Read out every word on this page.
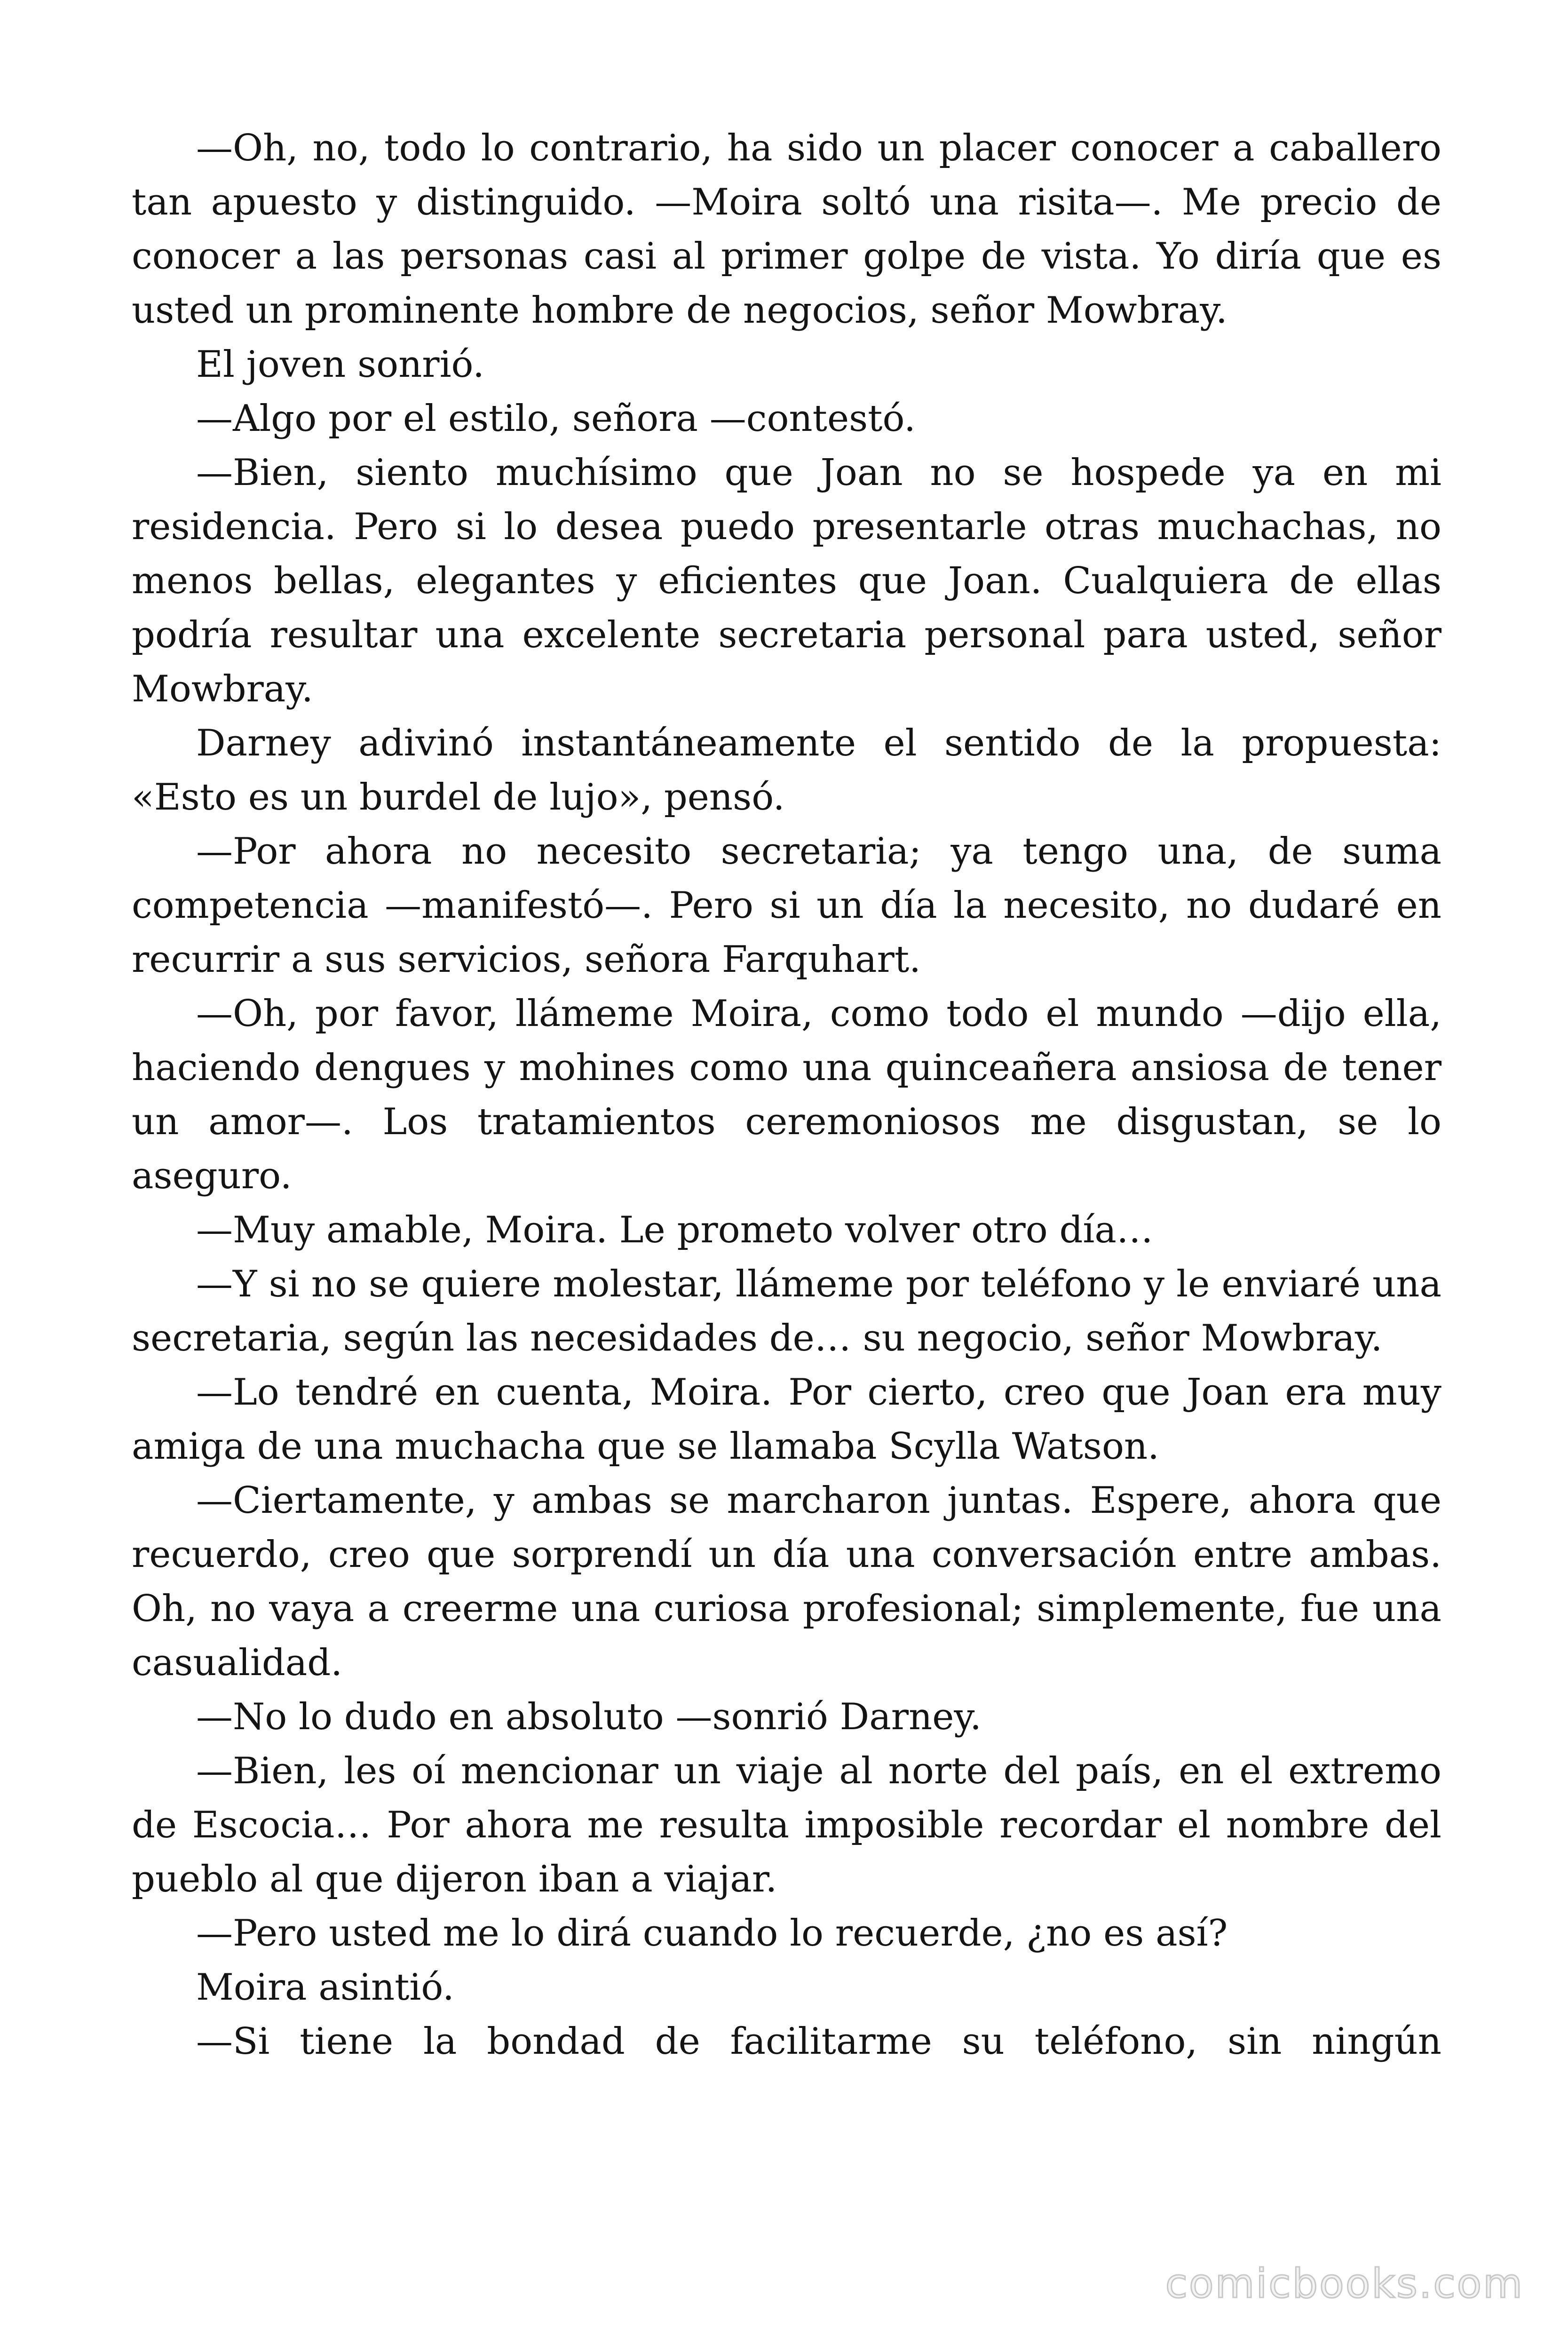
—Oh, no, todo lo contrario, ha sido un placer conocer a caballero tan apuesto y distinguido. —Moira soltó una risita—. Me precio de conocer a las personas casi al primer golpe de vista. Yo diría que es usted un prominente hombre de negocios, señor Mowbray.

El joven sonrió.

—Algo por el estilo, señora —contestó.

—Bien, siento muchísimo que Joan no se hospede ya en mi residencia. Pero si lo desea puedo presentarle otras muchachas, no menos bellas, elegantes y eficientes que Joan. Cualquiera de ellas podría resultar una excelente secretaria personal para usted, señor Mowbray.

Darney adivinó instantáneamente el sentido de la propuesta: «Esto es un burdel de lujo», pensó.

—Por ahora no necesito secretaria; ya tengo una, de suma competencia —manifestó—. Pero si un día la necesito, no dudaré en recurrir a sus servicios, señora Farquhart.

—Oh, por favor, llámeme Moira, como todo el mundo —dijo ella, haciendo dengues y mohines como una quinceañera ansiosa de tener un amor—. Los tratamientos ceremoniosos me disgustan, se lo aseguro.

—Muy amable, Moira. Le prometo volver otro día…

—Y si no se quiere molestar, llámeme por teléfono y le enviaré una secretaria, según las necesidades de… su negocio, señor Mowbray.

—Lo tendré en cuenta, Moira. Por cierto, creo que Joan era muy amiga de una muchacha que se llamaba Scylla Watson.

—Ciertamente, y ambas se marcharon juntas. Espere, ahora que recuerdo, creo que sorprendí un día una conversación entre ambas. Oh, no vaya a creerme una curiosa profesional; simplemente, fue una casualidad.

—No lo dudo en absoluto —sonrió Darney.

—Bien, les oí mencionar un viaje al norte del país, en el extremo de Escocia… Por ahora me resulta imposible recordar el nombre del pueblo al que dijeron iban a viajar.

—Pero usted me lo dirá cuando lo recuerde, ¿no es así?

Moira asintió.

—Si tiene la bondad de facilitarme su teléfono, sin ningún

comicbooks.com
